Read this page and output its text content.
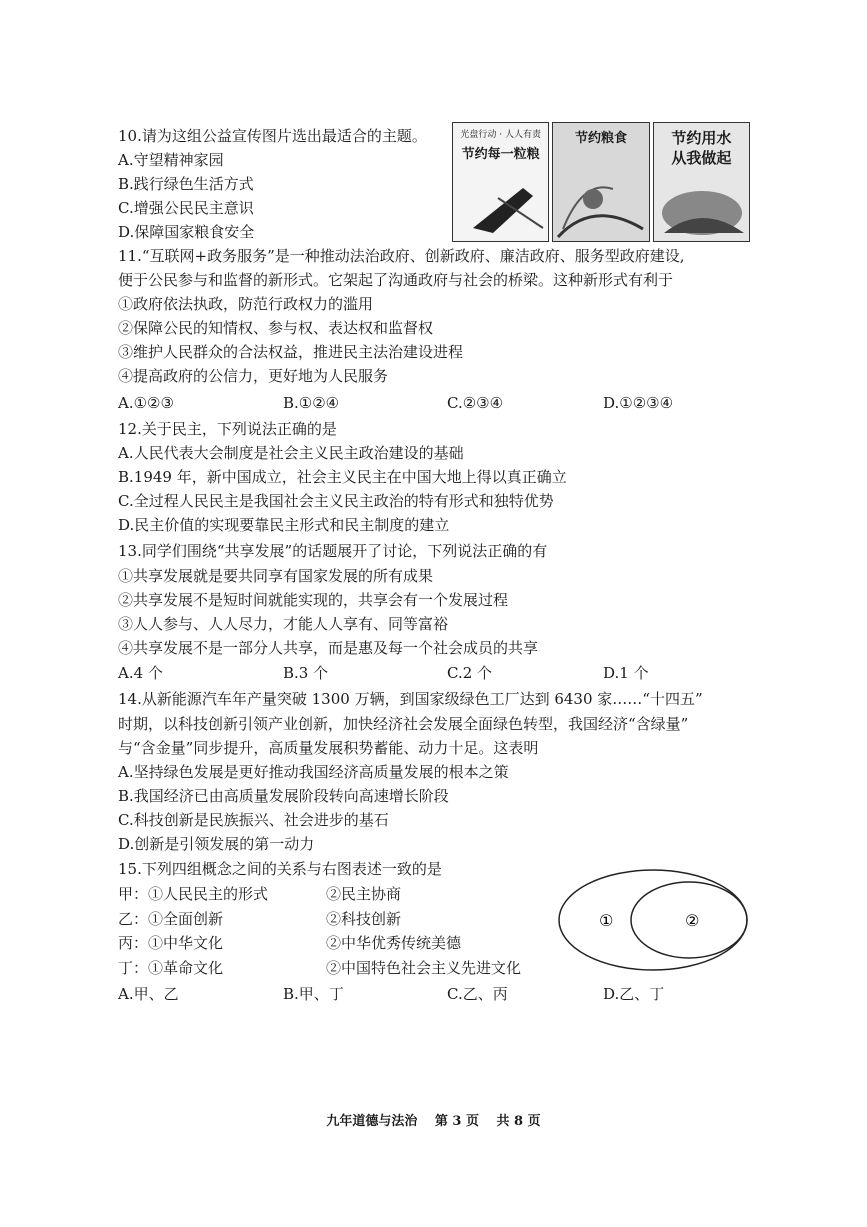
10.请为这组公益宣传图片选出最适合的主题。
A.守望精神家园
B.践行绿色生活方式
C.增强公民民主意识
D.保障国家粮食安全
光盘行动 · 人人有责
节约每一粒粮
节约粮食	节约用水
从我做起
11.“互联网+政务服务”是一种推动法治政府、创新政府、廉洁政府、服务型政府建设,
便于公民参与和监督的新形式。它架起了沟通政府与社会的桥梁。这种新形式有利于
①政府依法执政，防范行政权力的滥用
②保障公民的知情权、参与权、表达权和监督权
③维护人民群众的合法权益，推进民主法治建设进程
④提高政府的公信力，更好地为人民服务
A.①②③	B.①②④	C.②③④	D.①②③④
12.关于民主，下列说法正确的是
A.人民代表大会制度是社会主义民主政治建设的基础
B.1949 年，新中国成立，社会主义民主在中国大地上得以真正确立
C.全过程人民民主是我国社会主义民主政治的特有形式和独特优势
D.民主价值的实现要靠民主形式和民主制度的建立
13.同学们围绕“共享发展”的话题展开了讨论，下列说法正确的有
①共享发展就是要共同享有国家发展的所有成果
②共享发展不是短时间就能实现的，共享会有一个发展过程
③人人参与、人人尽力，才能人人享有、同等富裕
④共享发展不是一部分人共享，而是惠及每一个社会成员的共享
A.4 个	B.3 个	C.2 个	D.1 个
14.从新能源汽车年产量突破 1300 万辆，到国家级绿色工厂达到 6430 家……“十四五”
时期，以科技创新引领产业创新，加快经济社会发展全面绿色转型，我国经济“含绿量”
与“含金量”同步提升，高质量发展积势蓄能、动力十足。这表明
A.坚持绿色发展是更好推动我国经济高质量发展的根本之策
B.我国经济已由高质量发展阶段转向高速增长阶段
C.科技创新是民族振兴、社会进步的基石
D.创新是引领发展的第一动力
15.下列四组概念之间的关系与右图表述一致的是
甲：①人民民主的形式	②民主协商
乙：①全面创新	②科技创新
丙：①中华文化	②中华优秀传统美德
丁：①革命文化	②中国特色社会主义先进文化
A.甲、乙	B.甲、丁	C.乙、丙	D.乙、丁
①	②
九年道德与法治　 第 3 页　 共 8 页
